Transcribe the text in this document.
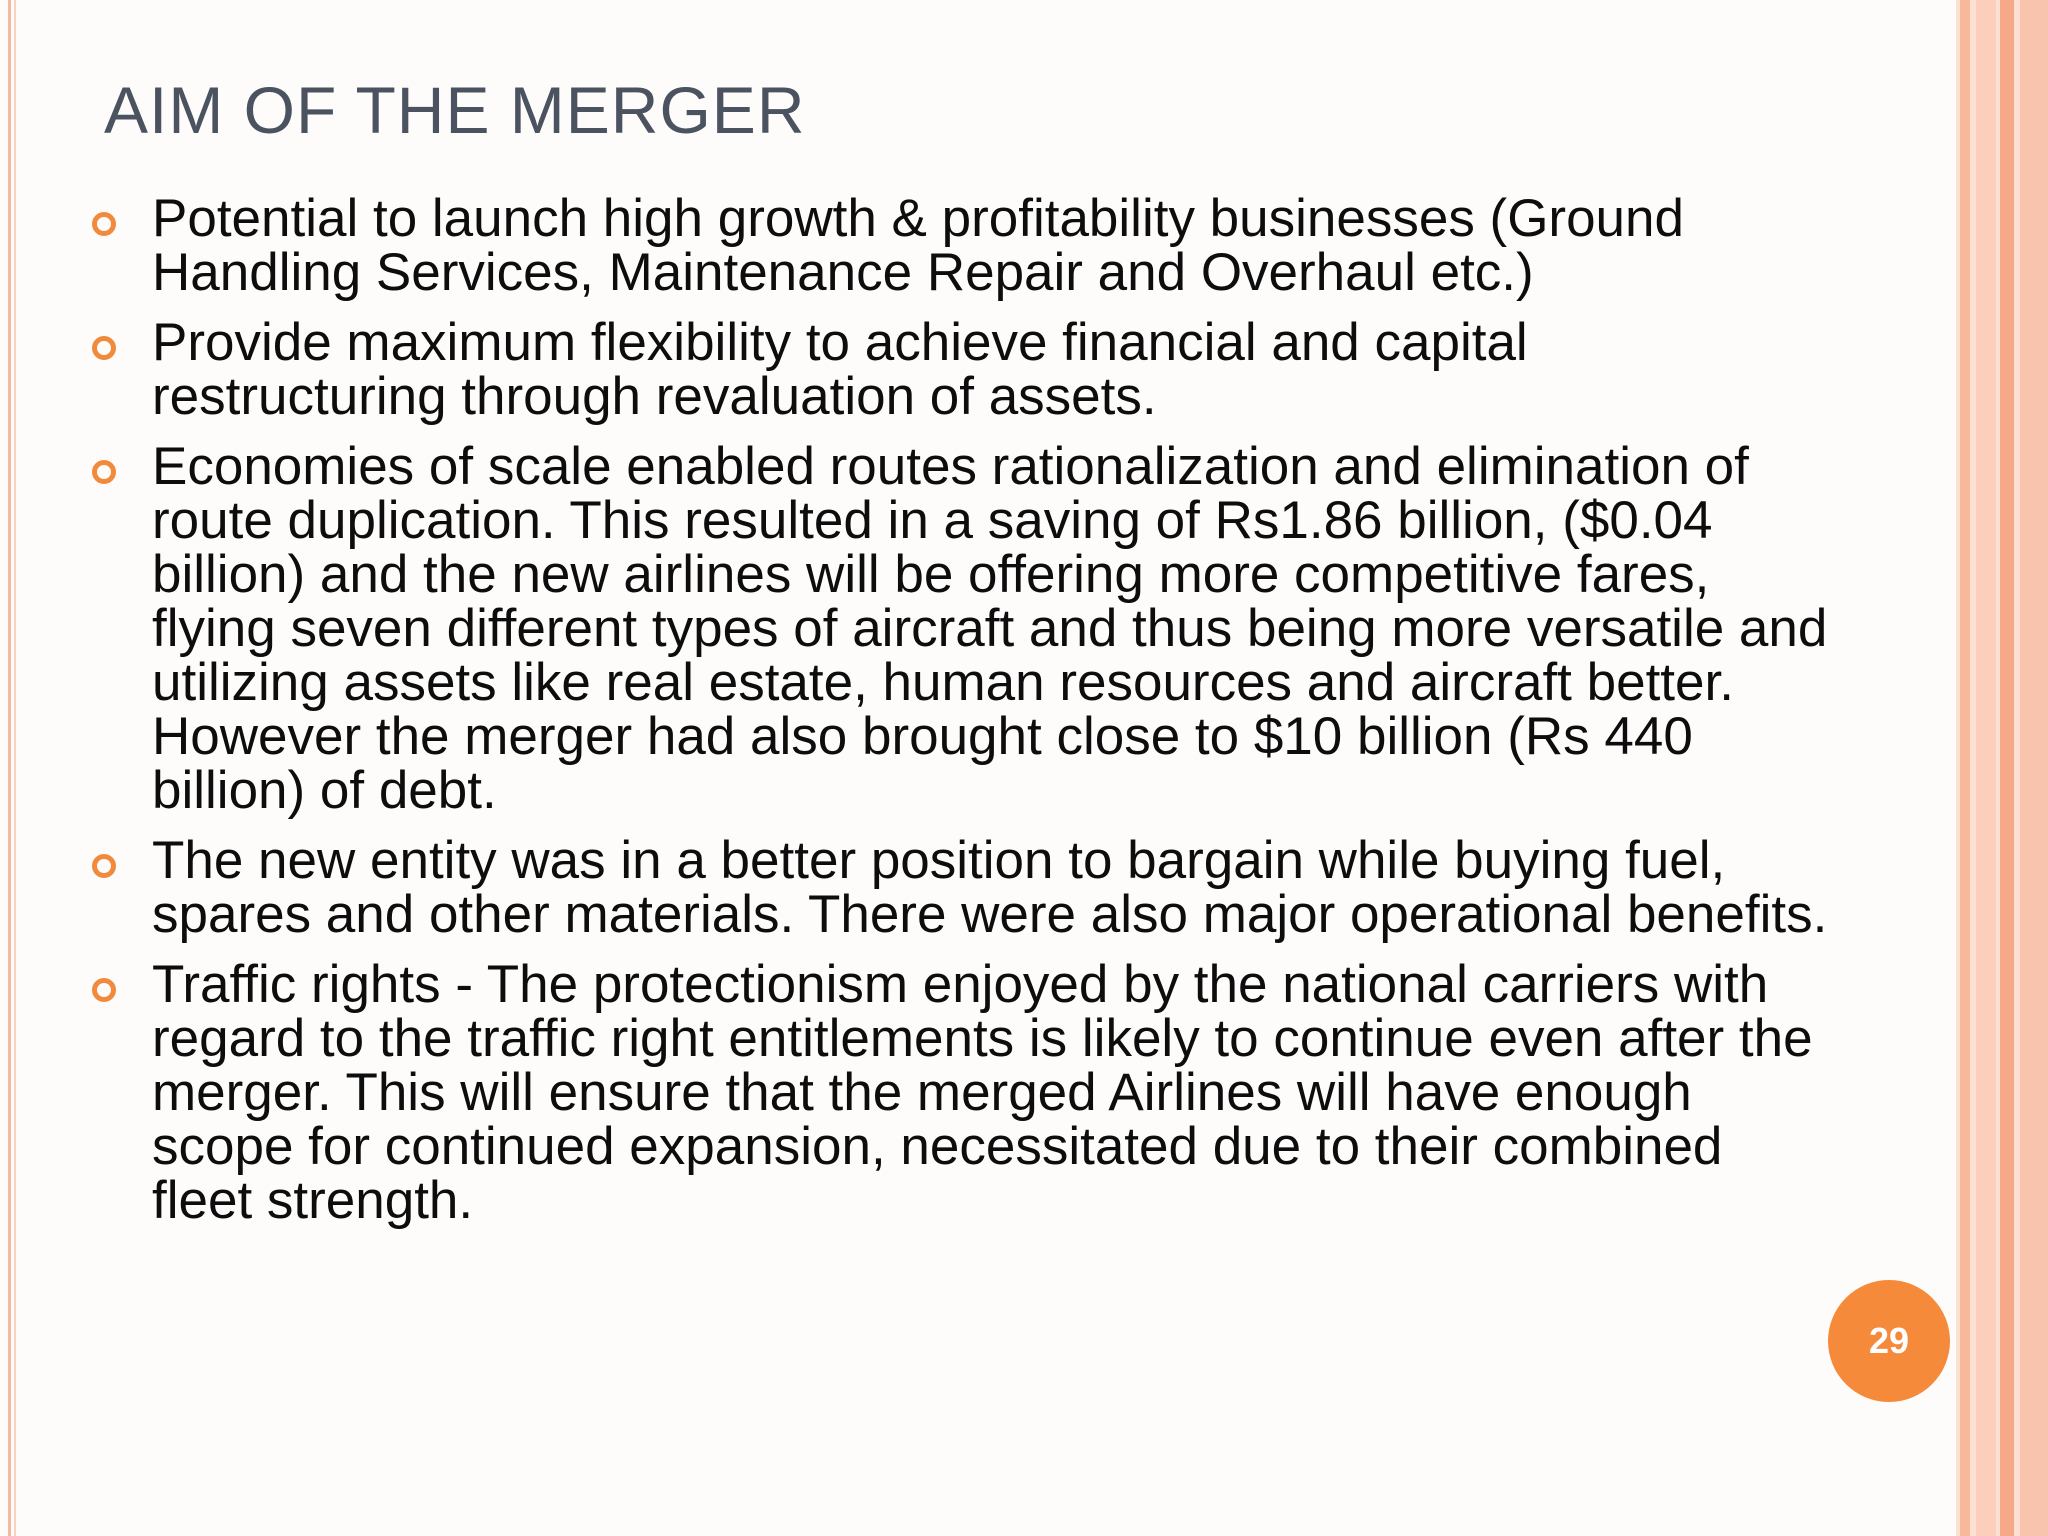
AIM OF THE MERGER
Potential to launch high growth & profitability businesses (Ground Handling Services, Maintenance Repair and Overhaul etc.)
Provide maximum flexibility to achieve financial and capital restructuring through revaluation of assets.
Economies of scale enabled routes rationalization and elimination of route duplication. This resulted in a saving of Rs1.86 billion, ($0.04 billion) and the new airlines will be offering more competitive fares, flying seven different types of aircraft and thus being more versatile and utilizing assets like real estate, human resources and aircraft better. However the merger had also brought close to $10 billion (Rs 440 billion) of debt.
The new entity was in a better position to bargain while buying fuel, spares and other materials. There were also major operational benefits.
Traffic rights - The protectionism enjoyed by the national carriers with regard to the traffic right entitlements is likely to continue even after the merger. This will ensure that the merged Airlines will have enough scope for continued expansion, necessitated due to their combined fleet strength.
29
